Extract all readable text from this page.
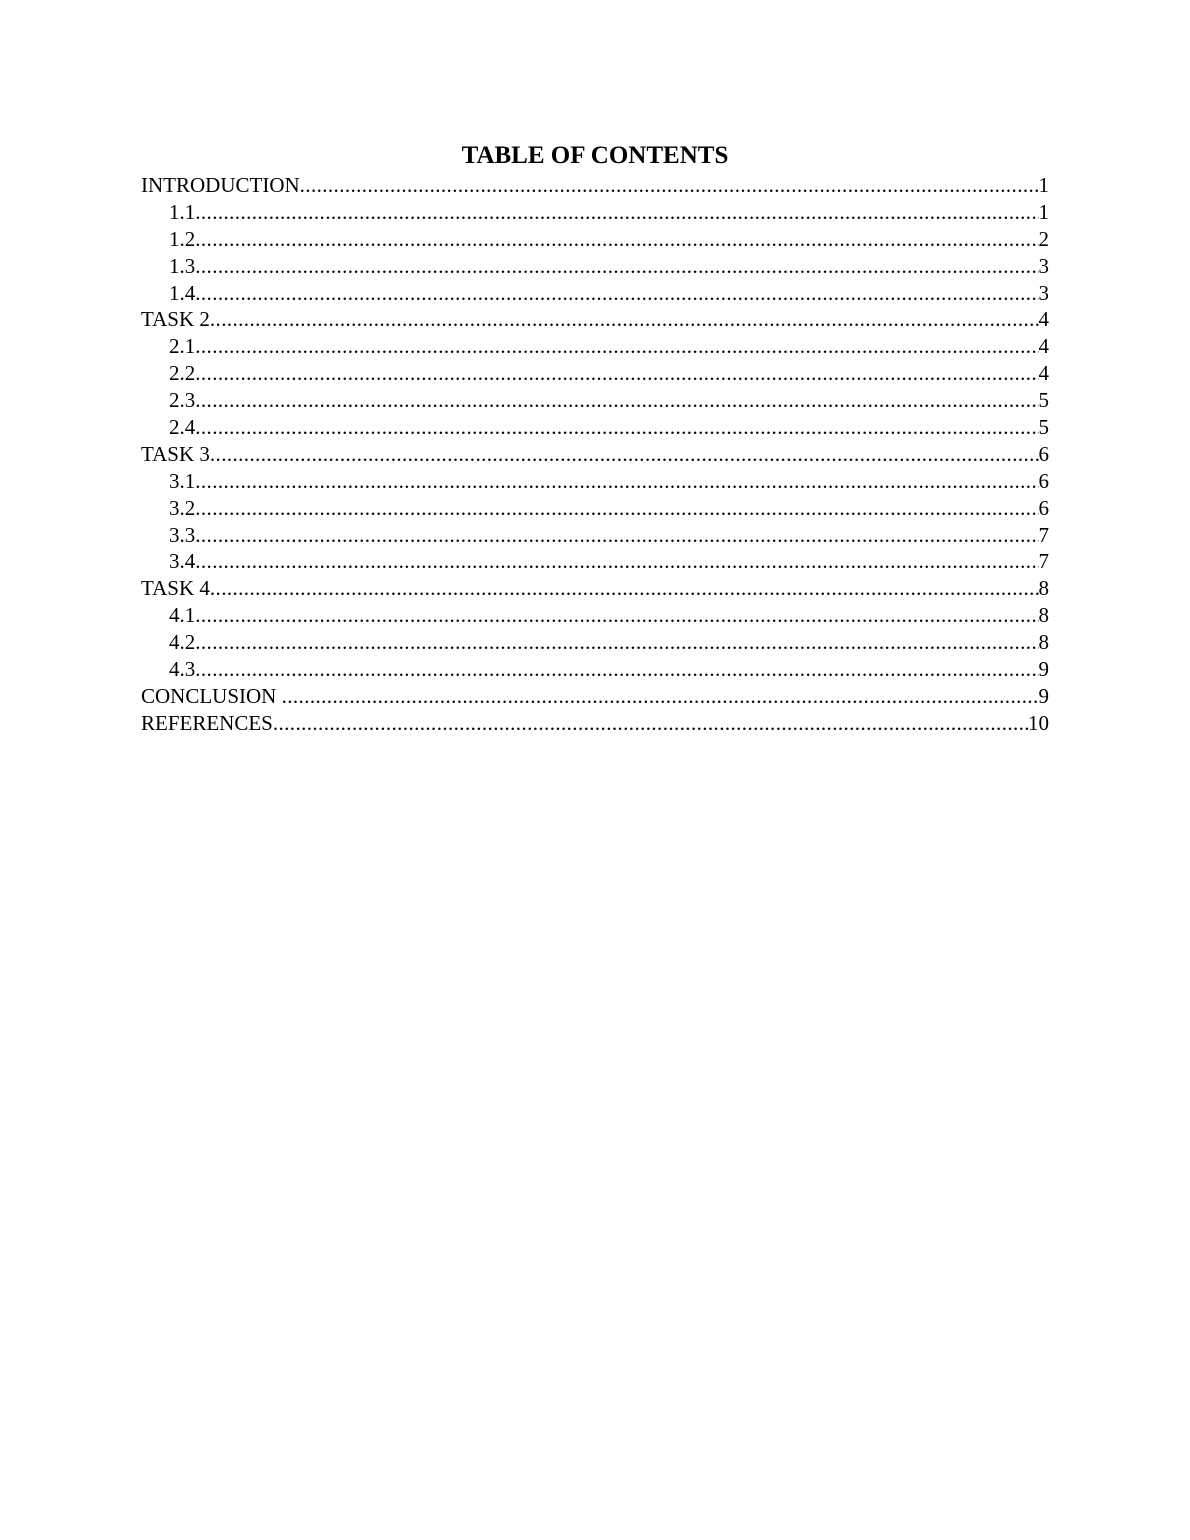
TABLE OF CONTENTS
INTRODUCTION .....	1
1.1 .....	1
1.2 .....	2
1.3 .....	3
1.4 .....	3
TASK 2 .....	4
2.1 .....	4
2.2 .....	4
2.3 .....	5
2.4 .....	5
TASK 3 .....	6
3.1 .....	6
3.2 .....	6
3.3 .....	7
3.4 .....	7
TASK 4 .....	8
4.1 .....	8
4.2 .....	8
4.3 .....	9
CONCLUSION .....	9
REFERENCES .....	10
